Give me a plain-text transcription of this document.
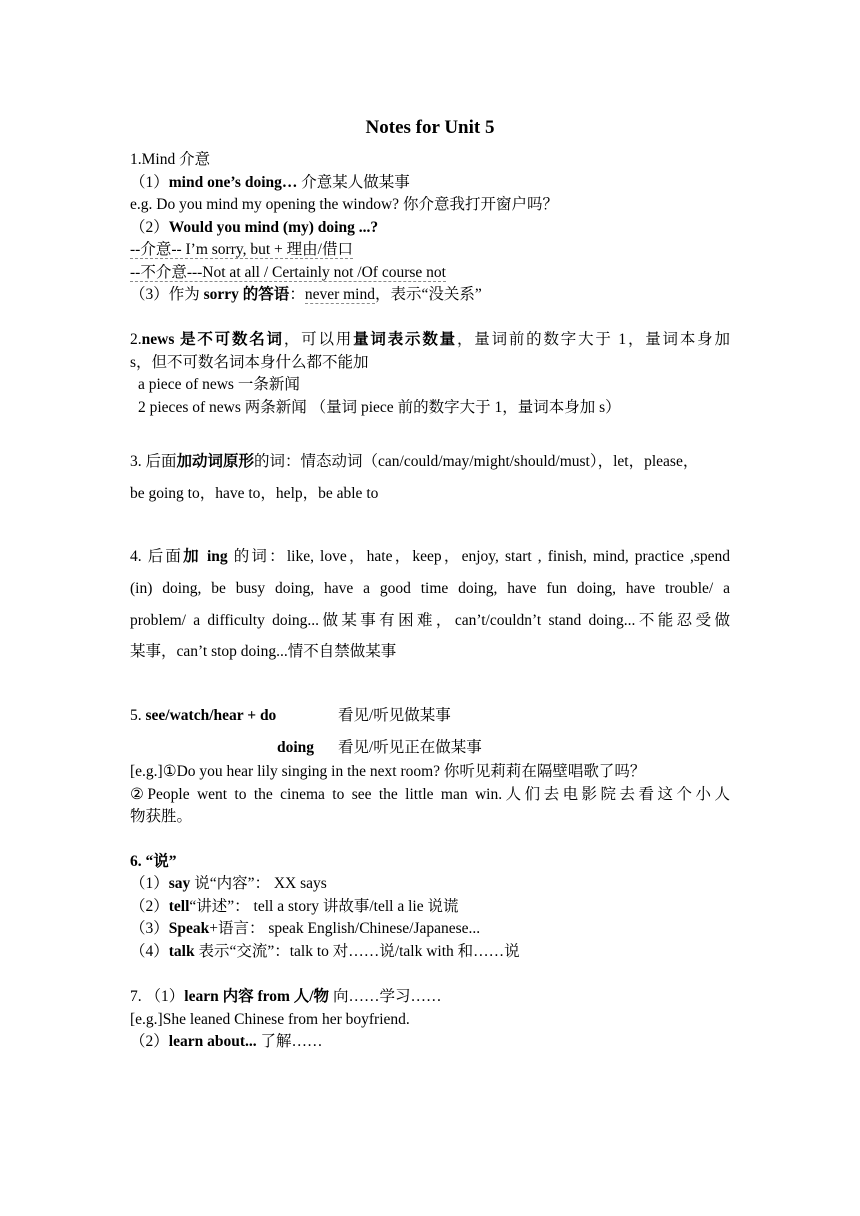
Notes for Unit 5
1.Mind 介意
（1）mind one’s doing… 介意某人做某事
e.g. Do you mind my opening the window? 你介意我打开窗户吗？
（2）Would you mind (my) doing ...?
--介意-- I’m sorry, but + 理由/借口
--不介意---Not at all / Certainly not /Of course not
（3）作为 sorry 的答语：never mind，表示“没关系”
2.news 是不可数名词，可以用量词表示数量，量词前的数字大于 1，量词本身加
s，但不可数名词本身什么都不能加
a piece of news 一条新闻
2 pieces of news 两条新闻 （量词 piece 前的数字大于 1，量词本身加 s）
3. 后面加动词原形的词：情态动词（can/could/may/might/should/must），let，please，
be going to，have to，help，be able to
4. 后面加 ing 的词：like, love，hate，keep，enjoy, start , finish, mind, practice ,spend
(in) doing, be busy doing, have a good time doing, have fun doing, have trouble/ a
problem/ a difficulty doing...做某事有困难，can’t/couldn’t stand doing...不能忍受做
某事，can’t stop doing...情不自禁做某事
5. see/watch/hear + do	看见/听见做某事
doing 看见/听见正在做某事
[e.g.]①Do you hear lily singing in the next room? 你听见莉莉在隔壁唱歌了吗？
②People went to the cinema to see the little man win.人们去电影院去看这个小人
物获胜。
6. “说”
（1）say 说“内容”： XX says
（2）tell“讲述”： tell a story 讲故事/tell a lie 说谎
（3）Speak+语言： speak English/Chinese/Japanese...
（4）talk 表示“交流”：talk to 对……说/talk with 和……说
7. （1）learn 内容 from 人/物 向……学习……
[e.g.]She leaned Chinese from her boyfriend.
（2）learn about... 了解……
